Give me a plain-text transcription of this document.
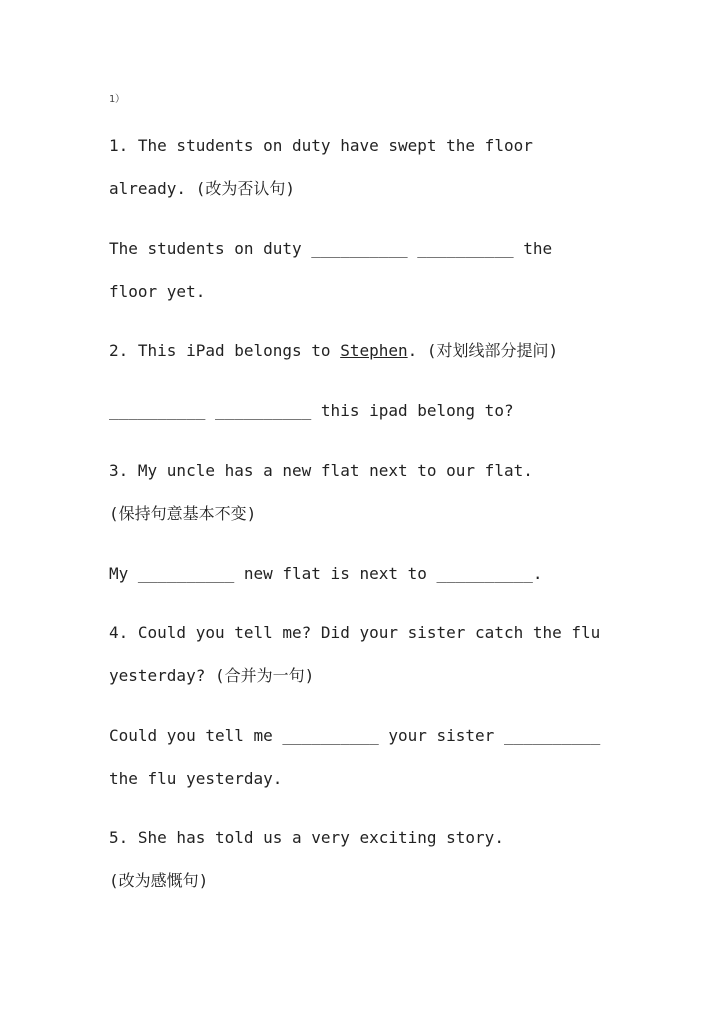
1）
1. The students on duty have swept the floor
already. (改为否认句)
The students on duty __________ __________ the
floor yet.
2. This iPad belongs to Stephen. (对划线部分提问)
__________ __________ this ipad belong to?
3. My uncle has a new flat next to our flat.
(保持句意基本不变)
My __________ new flat is next to __________.
4. Could you tell me? Did your sister catch the flu
yesterday? (合并为一句)
Could you tell me __________ your sister __________
the flu yesterday.
5. She has told us a very exciting story.
(改为感慨句)
